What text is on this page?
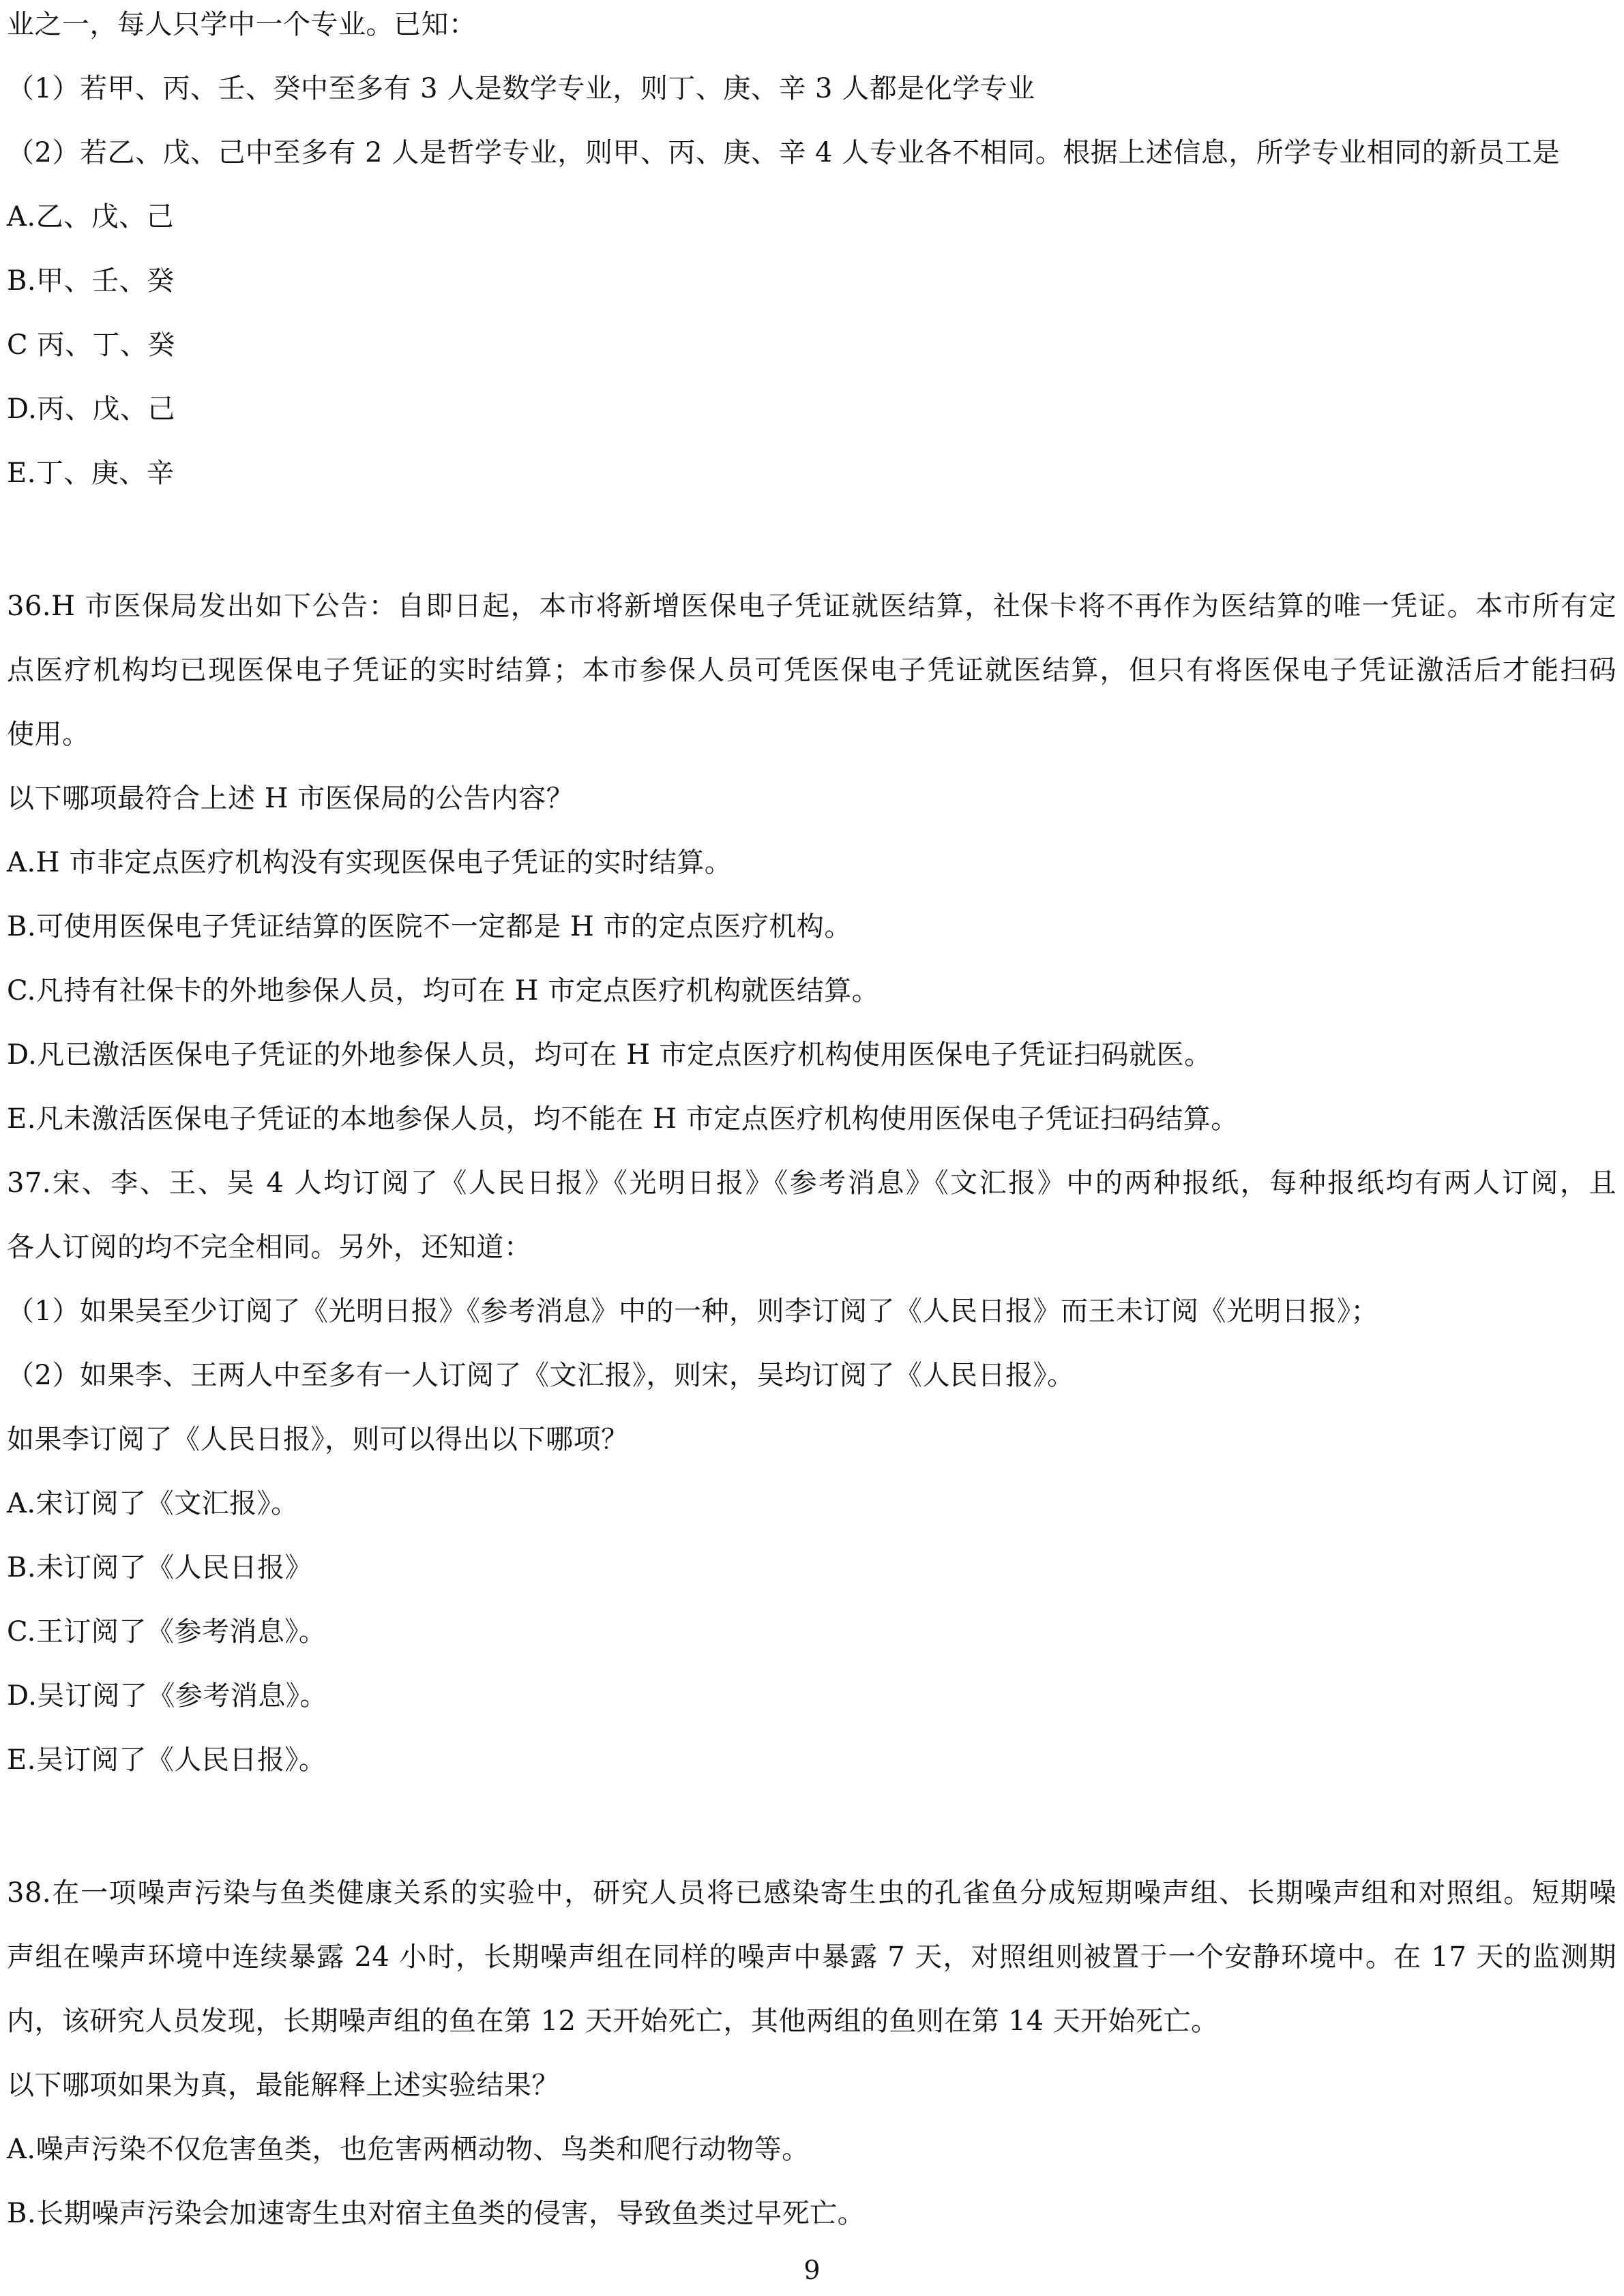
业之一，每人只学中一个专业。已知：
（1）若甲、丙、壬、癸中至多有 3 人是数学专业，则丁、庚、辛 3 人都是化学专业
（2）若乙、戊、己中至多有 2 人是哲学专业，则甲、丙、庚、辛 4 人专业各不相同。根据上述信息，所学专业相同的新员工是
A.乙、戊、己
B.甲、壬、癸
C 丙、丁、癸
D.丙、戊、己
E.丁、庚、辛
36.H 市医保局发出如下公告：自即日起，本市将新增医保电子凭证就医结算，社保卡将不再作为医结算的唯一凭证。本市所有定
点医疗机构均已现医保电子凭证的实时结算；本市参保人员可凭医保电子凭证就医结算，但只有将医保电子凭证激活后才能扫码
使用。
以下哪项最符合上述 H 市医保局的公告内容？
A.H 市非定点医疗机构没有实现医保电子凭证的实时结算。
B.可使用医保电子凭证结算的医院不一定都是 H 市的定点医疗机构。
C.凡持有社保卡的外地参保人员，均可在 H 市定点医疗机构就医结算。
D.凡已激活医保电子凭证的外地参保人员，均可在 H 市定点医疗机构使用医保电子凭证扫码就医。
E.凡未激活医保电子凭证的本地参保人员，均不能在 H 市定点医疗机构使用医保电子凭证扫码结算。
37.宋、李、王、吴 4 人均订阅了《人民日报》《光明日报》《参考消息》《文汇报》中的两种报纸，每种报纸均有两人订阅，且
各人订阅的均不完全相同。另外，还知道：
（1）如果吴至少订阅了《光明日报》《参考消息》中的一种，则李订阅了《人民日报》而王未订阅《光明日报》；
（2）如果李、王两人中至多有一人订阅了《文汇报》，则宋，吴均订阅了《人民日报》。
如果李订阅了《人民日报》，则可以得出以下哪项？
A.宋订阅了《文汇报》。
B.未订阅了《人民日报》
C.王订阅了《参考消息》。
D.吴订阅了《参考消息》。
E.吴订阅了《人民日报》。
38.在一项噪声污染与鱼类健康关系的实验中，研究人员将已感染寄生虫的孔雀鱼分成短期噪声组、长期噪声组和对照组。短期噪
声组在噪声环境中连续暴露 24 小时，长期噪声组在同样的噪声中暴露 7 天，对照组则被置于一个安静环境中。在 17 天的监测期
内，该研究人员发现，长期噪声组的鱼在第 12 天开始死亡，其他两组的鱼则在第 14 天开始死亡。
以下哪项如果为真，最能解释上述实验结果？
A.噪声污染不仅危害鱼类，也危害两栖动物、鸟类和爬行动物等。
B.长期噪声污染会加速寄生虫对宿主鱼类的侵害，导致鱼类过早死亡。
9
